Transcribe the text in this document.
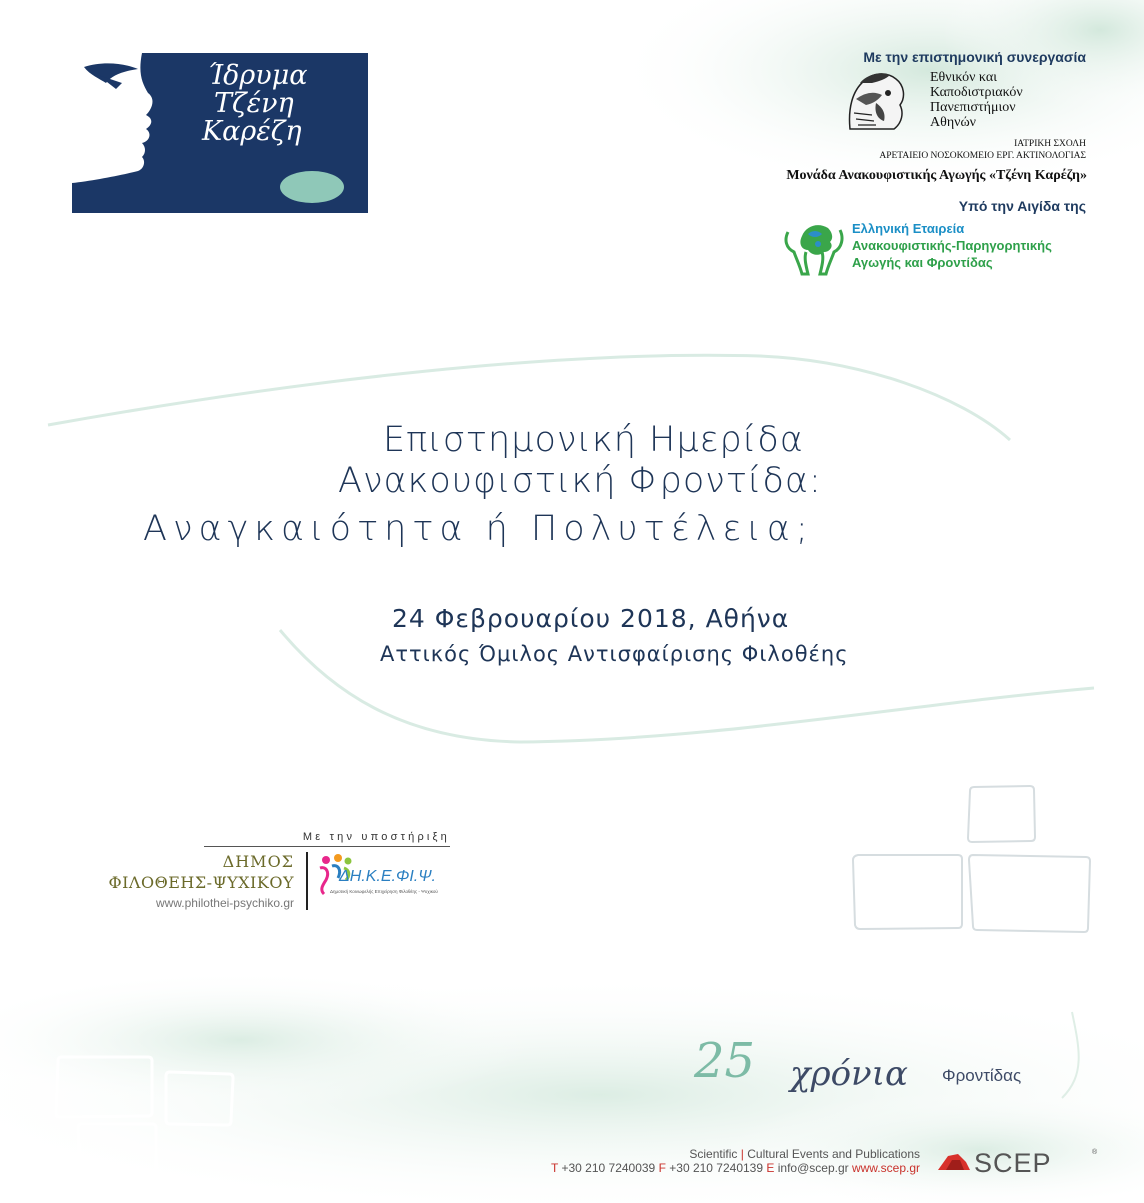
Ίδρυμα
Τζένη
Καρέζη
Με την επιστημονική συνεργασία
Εθνικόν και
Καποδιστριακόν
Πανεπιστήμιον
Αθηνών
ΙΑΤΡΙΚΗ ΣΧΟΛΗ
ΑΡΕΤΑΙΕΙΟ ΝΟΣΟΚΟΜΕΙΟ ΕΡΓ. ΑΚΤΙΝΟΛΟΓΙΑΣ
Μονάδα Ανακουφιστικής Αγωγής «Τζένη Καρέζη»
Υπό την Αιγίδα της
Ελληνική Εταιρεία
Ανακουφιστικής-Παρηγορητικής
Αγωγής και Φροντίδας
Επιστημονική Ημερίδα
Ανακουφιστική Φροντίδα:
Αναγκαιότητα ή Πολυτέλεια;
24 Φεβρουαρίου 2018, Αθήνα
Αττικός Όμιλος Αντισφαίρισης Φιλοθέης
Με την υποστήριξη
ΔΗΜΟΣ
ΦΙΛΟΘΕΗΣ-ΨΥΧΙΚΟΥ
www.philothei-psychiko.gr
ΔΗ.Κ.Ε.ΦΙ.Ψ.
Δημοτική Κοινωφελής Επιχείρηση Φιλοθέης - Ψυχικού
25 χρόνια Φροντίδας
Scientific | Cultural Events and Publications
T +30 210 7240039 F +30 210 7240139 E info@scep.gr www.scep.gr SCEP	®
